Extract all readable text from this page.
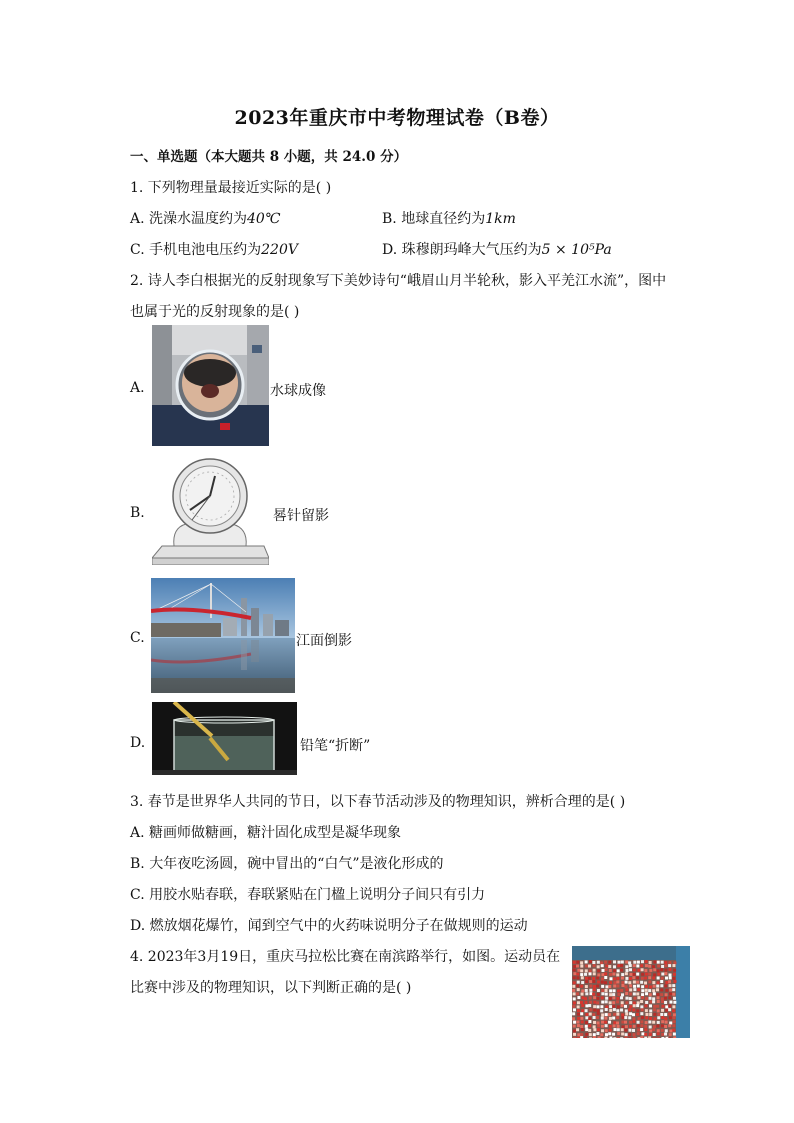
2023年重庆市中考物理试卷（B卷）
一、单选题（本大题共 8 小题，共 24.0 分）
1. 下列物理量最接近实际的是( )
A. 洗澡水温度约为40℃	B. 地球直径约为1km
C. 手机电池电压约为220V	D. 珠穆朗玛峰大气压约为5 × 10⁵Pa
2. 诗人李白根据光的反射现象写下美妙诗句“峨眉山月半轮秋，影入平羌江水流”，图中
也属于光的反射现象的是( )
A.	水球成像
B.	晷针留影
C.	江面倒影
D.	铅笔“折断”
3. 春节是世界华人共同的节日，以下春节活动涉及的物理知识，辨析合理的是( )
A. 糖画师做糖画，糖汁固化成型是凝华现象
B. 大年夜吃汤圆，碗中冒出的“白气”是液化形成的
C. 用胶水贴春联，春联紧贴在门楹上说明分子间只有引力
D. 燃放烟花爆竹，闻到空气中的火药味说明分子在做规则的运动
4. 2023年3月19日，重庆马拉松比赛在南滨路举行，如图。运动员在
比赛中涉及的物理知识，以下判断正确的是( )
